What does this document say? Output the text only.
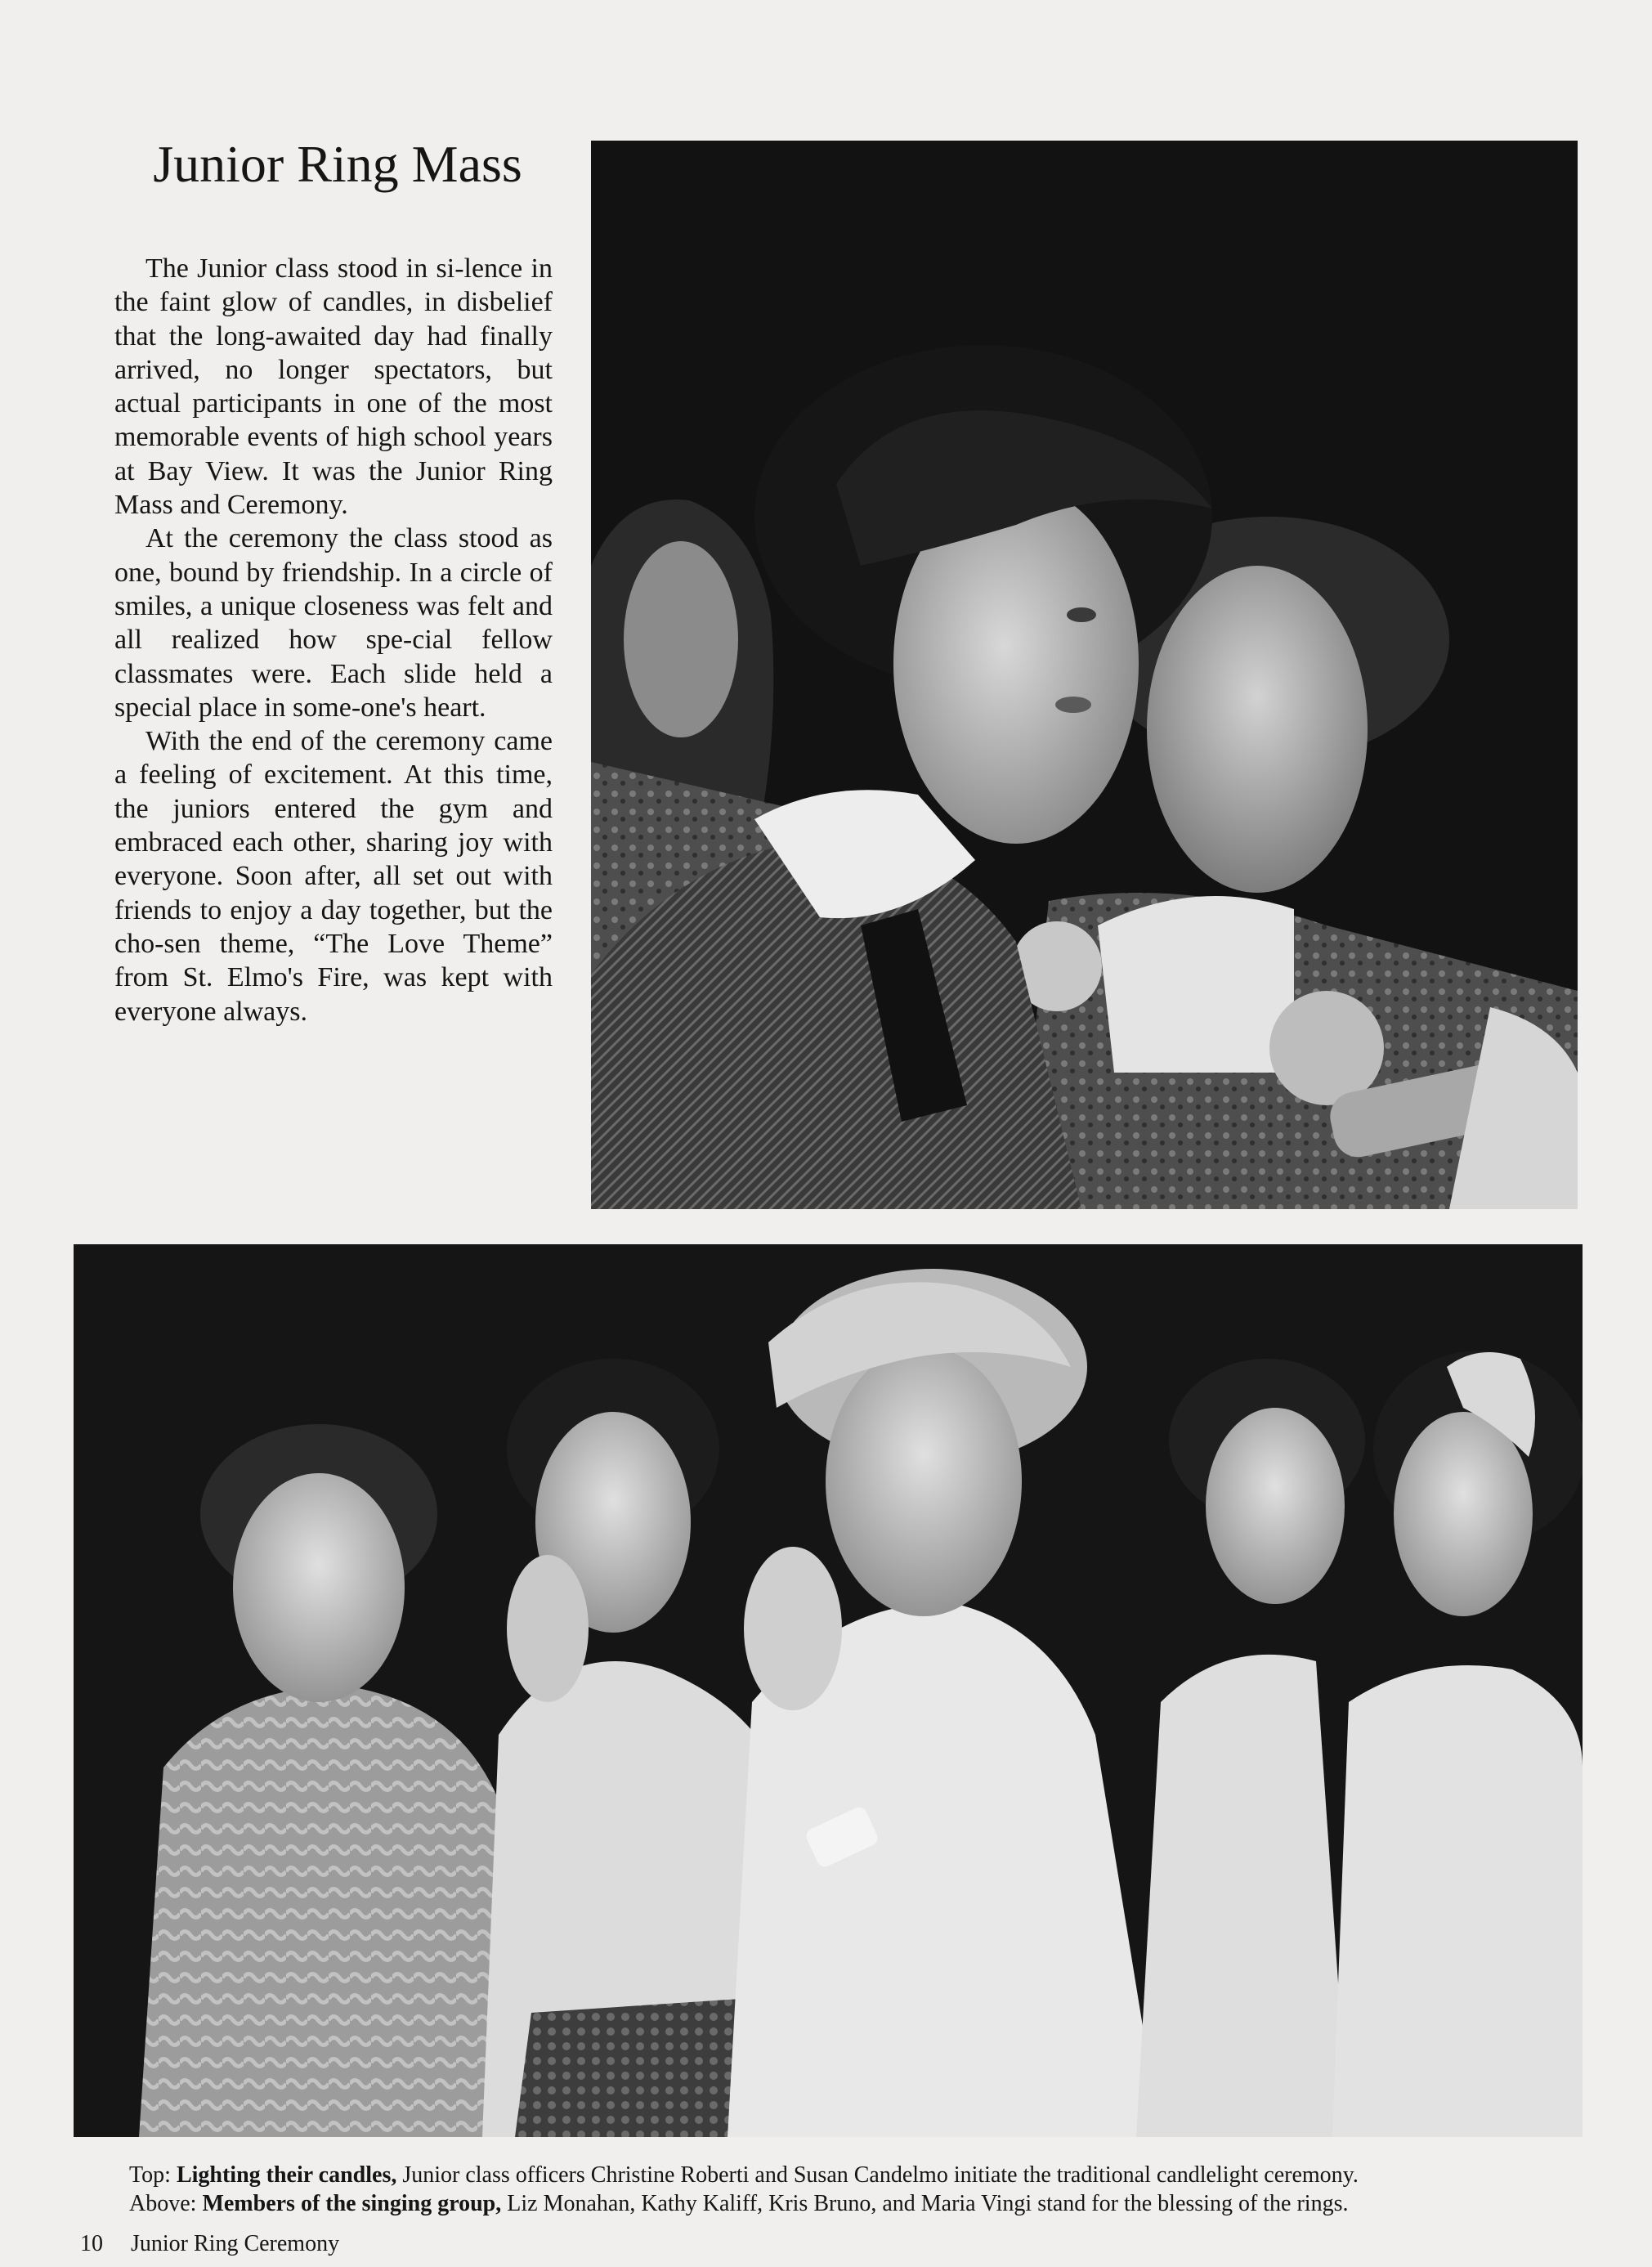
Junior Ring Mass

The Junior class stood in si-lence in the faint glow of candles, in disbelief that the long-awaited day had finally arrived, no longer spectators, but actual participants in one of the most memorable events of high school years at Bay View. It was the Junior Ring Mass and Ceremony.

At the ceremony the class stood as one, bound by friendship. In a circle of smiles, a unique closeness was felt and all realized how spe-cial fellow classmates were. Each slide held a special place in some-one's heart.

With the end of the ceremony came a feeling of excitement. At this time, the juniors entered the gym and embraced each other, sharing joy with everyone. Soon after, all set out with friends to enjoy a day together, but the cho-sen theme, “The Love Theme” from St. Elmo's Fire, was kept with everyone always.

Top: Lighting their candles, Junior class officers Christine Roberti and Susan Candelmo initiate the traditional candlelight ceremony.
Above: Members of the singing group, Liz Monahan, Kathy Kaliff, Kris Bruno, and Maria Vingi stand for the blessing of the rings.
10 Junior Ring Ceremony
